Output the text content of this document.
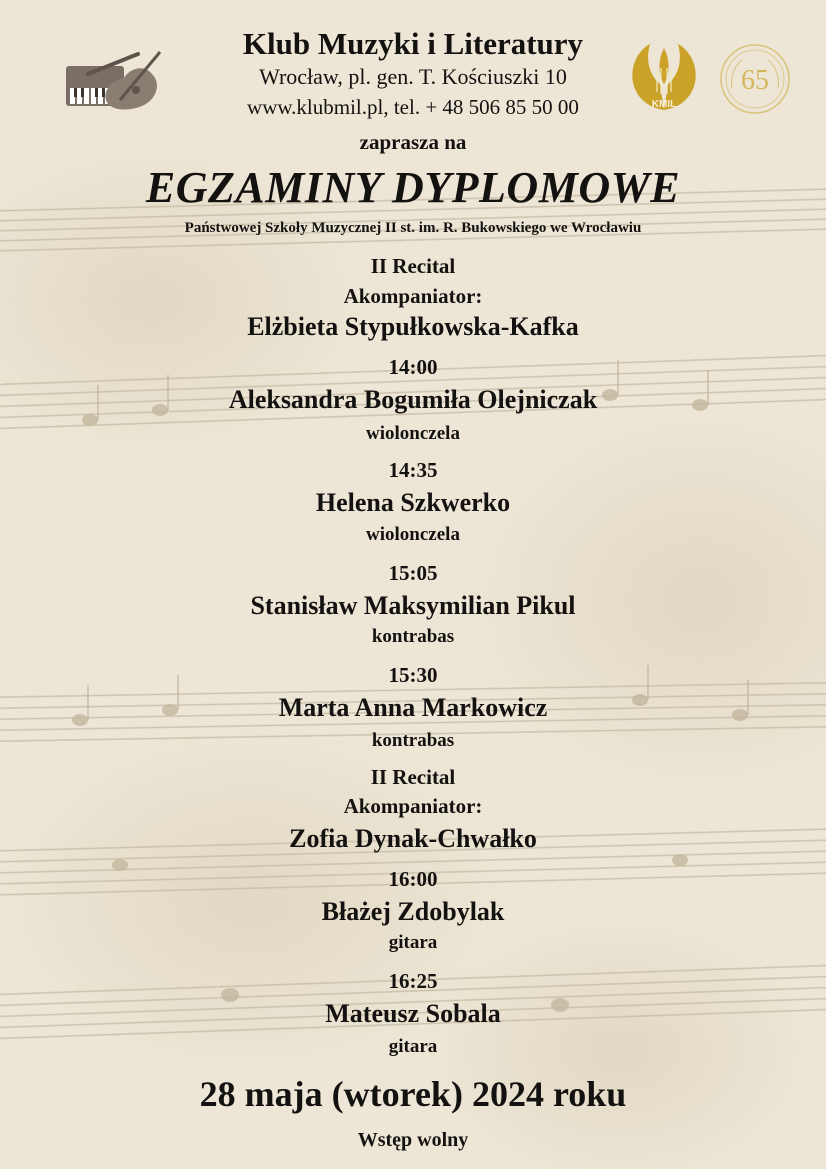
KMIL
65
Klub Muzyki i Literatury
Wrocław, pl. gen. T. Kościuszki 10
www.klubmil.pl, tel. + 48 506 85 50 00
zaprasza na
EGZAMINY DYPLOMOWE
Państwowej Szkoły Muzycznej II st. im. R. Bukowskiego we Wrocławiu
II Recital
Akompaniator:
Elżbieta Stypułkowska-Kafka
14:00
Aleksandra Bogumiła Olejniczak
wiolonczela
14:35
Helena Szkwerko
wiolonczela
15:05
Stanisław Maksymilian Pikul
kontrabas
15:30
Marta Anna Markowicz
kontrabas
II Recital
Akompaniator:
Zofia Dynak-Chwałko
16:00
Błażej Zdobylak
gitara
16:25
Mateusz Sobala
gitara
28 maja (wtorek) 2024 roku
Wstęp wolny
